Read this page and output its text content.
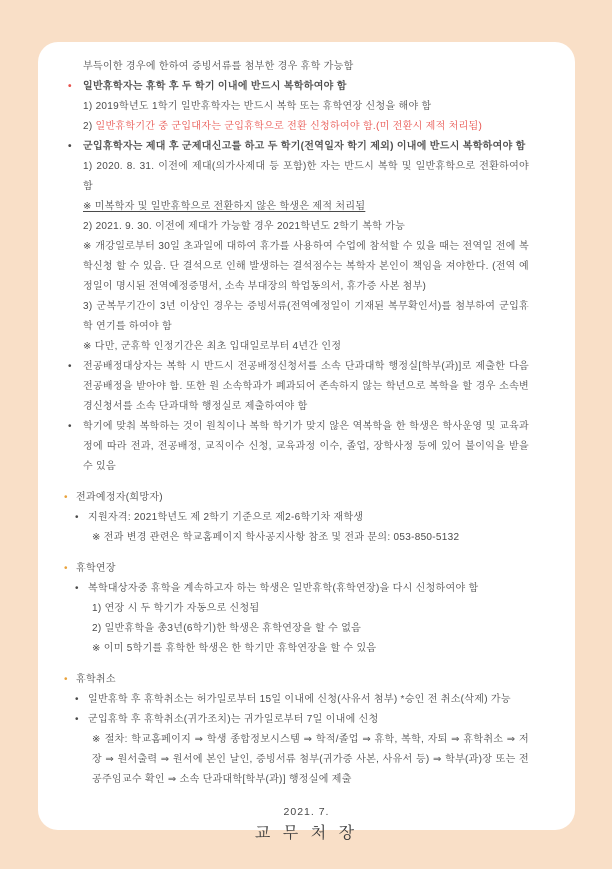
부득이한 경우에 한하여 증빙서류를 첨부한 경우 휴학 가능함
• 일반휴학자는 휴학 후 두 학기 이내에 반드시 복학하여야 함
1) 2019학년도 1학기 일반휴학자는 반드시 복학 또는 휴학연장 신청을 해야 함
2) 일반휴학기간 중 군입대자는 군입휴학으로 전환 신청하여야 함.(미 전환시 제적 처리됨)
• 군입휴학자는 제대 후 군제대신고를 하고 두 학기(전역일자 학기 제외) 이내에 반드시 복학하여야 함
1) 2020. 8. 31. 이전에 제대(의가사제대 등 포함)한 자는 반드시 복학 및 일반휴학으로 전환하여야 함
※ 미복학자 및 일반휴학으로 전환하지 않은 학생은 제적 처리됨
2) 2021. 9. 30. 이전에 제대가 가능할 경우 2021학년도 2학기 복학 가능
※ 개강일로부터 30일 초과일에 대하여 휴가를 사용하여 수업에 참석할 수 있을 때는 전역일 전에 복학신청 할 수 있음. 단 결석으로 인해 발생하는 결석점수는 복학자 본인이 책임을 져야한다. (전역 예정일이 명시된 전역예정증명서, 소속 부대장의 학업동의서, 휴가증 사본 첨부)
3) 군복무기간이 3년 이상인 경우는 증빙서류(전역예정일이 기재된 복무확인서)를 첨부하여 군입휴학 연기를 하여야 함
※ 다만, 군휴학 인정기간은 최초 입대일로부터 4년간 인정
• 전공배정대상자는 복학 시 반드시 전공배정신청서를 소속 단과대학 행정실[학부(과)]로 제출한 다음 전공배정을 받아야 함. 또한 원 소속학과가 폐과되어 존속하지 않는 학년으로 복학을 할 경우 소속변경신청서를 소속 단과대학 행정실로 제출하여야 함
• 학기에 맞춰 복학하는 것이 원칙이나 복학 학기가 맞지 않은 역복학을 한 학생은 학사운영 및 교육과정에 따라 전과, 전공배정, 교직이수 신청, 교육과정 이수, 졸업, 장학사정 등에 있어 불이익을 받을 수 있음
• 전과예정자(희망자)
• 지원자격: 2021학년도 제 2학기 기준으로 제2-6학기차 재학생
※ 전과 변경 관련은 학교홈페이지 학사공지사항 참조 및 전과 문의: 053-850-5132
• 휴학연장
• 복학대상자중 휴학을 계속하고자 하는 학생은 일반휴학(휴학연장)을 다시 신청하여야 함
1) 연장 시 두 학기가 자동으로 신청됨
2) 일반휴학을 총3년(6학기)한 학생은 휴학연장을 할 수 없음
※ 이미 5학기를 휴학한 학생은 한 학기만 휴학연장을 할 수 있음
• 휴학취소
• 일반휴학 후 휴학취소는 허가일로부터 15일 이내에 신청(사유서 첨부) *승인 전 취소(삭제) 가능
• 군입휴학 후 휴학취소(귀가조치)는 귀가일로부터 7일 이내에 신청
※ 절차: 학교홈페이지 ⇒ 학생 종합정보시스템 ⇒ 학적/졸업 ⇒ 휴학, 복학, 자퇴 ⇒ 휴학취소 ⇒ 저장 ⇒ 원서출력 ⇒ 원서에 본인 날인, 증빙서류 첨부(귀가증 사본, 사유서 등) ⇒ 학부(과)장 또는 전공주임교수 확인 ⇒ 소속 단과대학[학부(과)] 행정실에 제출
2021. 7.
교 무 처 장
